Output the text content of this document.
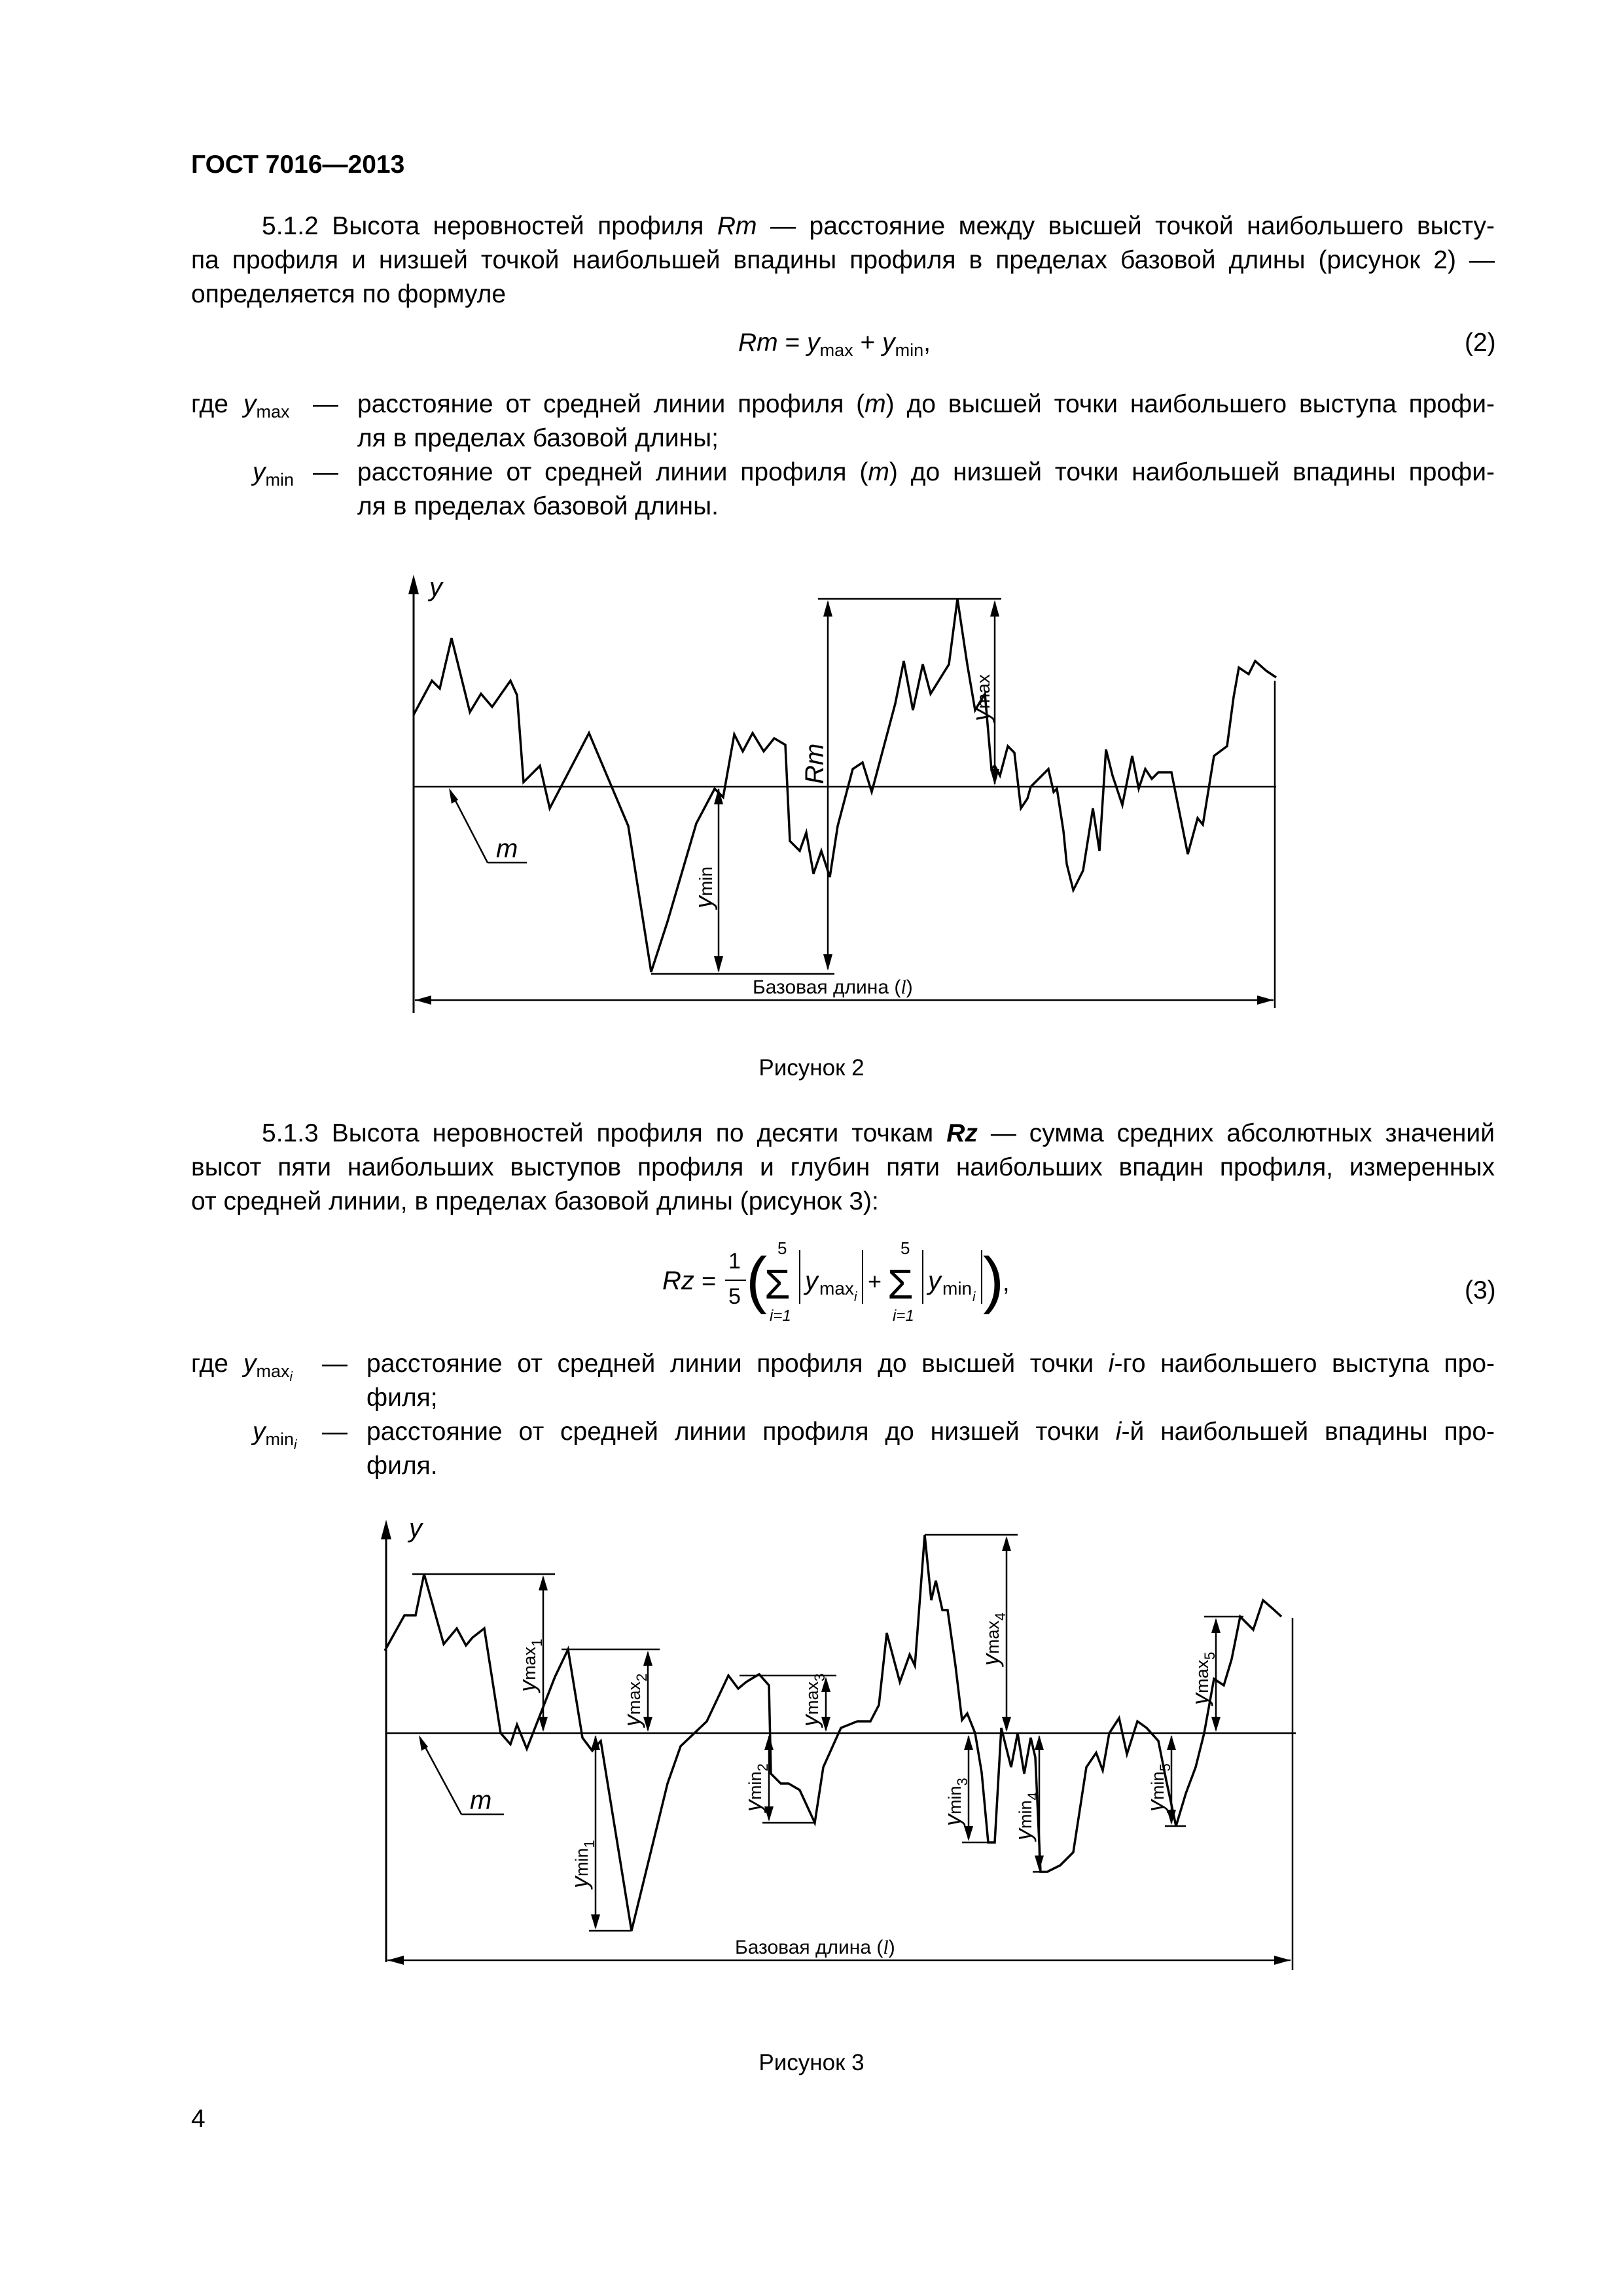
ГОСТ 7016—2013
5.1.2 Высота неровностей профиля Rm — расстояние между высшей точкой наибольшего высту-
па профиля и низшей точкой наибольшей впадины профиля в пределах базовой длины (рисунок 2) —
определяется по формуле
$Rm = y_{max} + y_{min}$,	(2)
где $y_{max}$ — расстояние от средней линии профиля (m) до высшей точки наибольшего выступа профи-
ля в пределах базовой длины;
$y_{min}$ — расстояние от средней линии профиля (m) до низшей точки наибольшей впадины профи-
ля в пределах базовой длины.
y
m
Rm
ymax
ymin
Базовая длина (l)
Рисунок 2
5.1.3 Высота неровностей профиля по десяти точкам Rz — сумма средних абсолютных значений
высот пяти наибольших выступов профиля и глубин пяти наибольших впадин профиля, измеренных
от средней линии, в пределах базовой длины (рисунок 3):
Rz =
1
5 ( 5
Σ
i=1
y max i
+
5
Σ
i=1
y min i )
,	(3)
где $y_{max_i}$ — расстояние от средней линии профиля до высшей точки i-го наибольшего выступа про-
филя;
$y_{min_i}$ — расстояние от средней линии профиля до низшей точки i-й наибольшей впадины про-
филя.
y
m
ymax$_1$
ymax$_2$
ymax$_3$
ymax$_4$
ymax$_5$
ymin$_1$
ymin$_2$
ymin$_3$
ymin$_4$
ymin$_5$
Базовая длина (l)
Рисунок 3
4
